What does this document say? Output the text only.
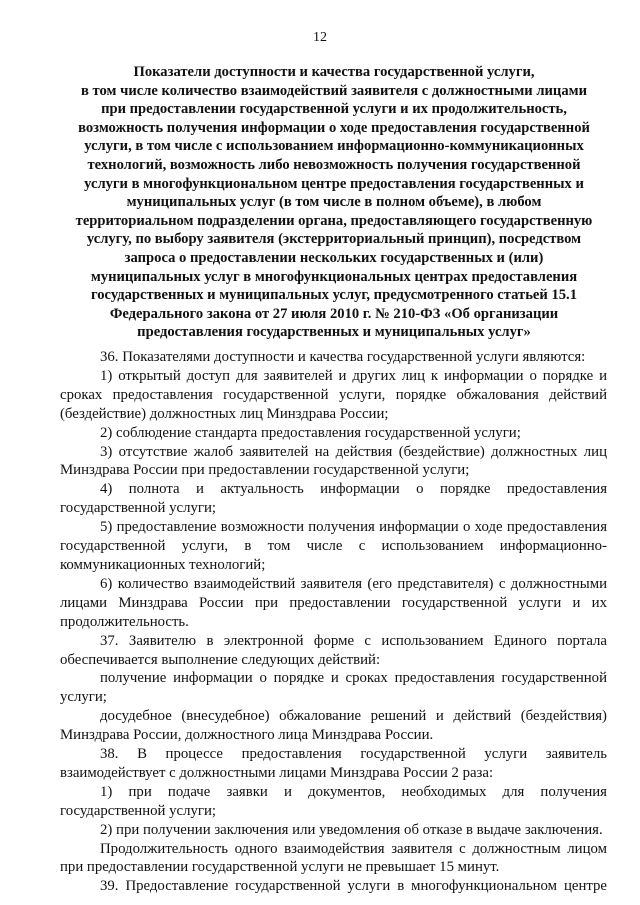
12
Показатели доступности и качества государственной услуги,
в том числе количество взаимодействий заявителя с должностными лицами
при предоставлении государственной услуги и их продолжительность,
возможность получения информации о ходе предоставления государственной
услуги, в том числе с использованием информационно-коммуникационных
технологий, возможность либо невозможность получения государственной
услуги в многофункциональном центре предоставления государственных и
муниципальных услуг (в том числе в полном объеме), в любом
территориальном подразделении органа, предоставляющего государственную
услугу, по выбору заявителя (экстерриториальный принцип), посредством
запроса о предоставлении нескольких государственных и (или)
муниципальных услуг в многофункциональных центрах предоставления
государственных и муниципальных услуг, предусмотренного статьей 15.1
Федерального закона от 27 июля 2010 г. № 210-ФЗ «Об организации
предоставления государственных и муниципальных услуг»

36. Показателями доступности и качества государственной услуги являются:

1) открытый доступ для заявителей и других лиц к информации о порядке и сроках предоставления государственной услуги, порядке обжалования действий (бездействие) должностных лиц Минздрава России;

2) соблюдение стандарта предоставления государственной услуги;

3) отсутствие жалоб заявителей на действия (бездействие) должностных лиц Минздрава России при предоставлении государственной услуги;

4) полнота и актуальность информации о порядке предоставления государственной услуги;

5) предоставление возможности получения информации о ходе предоставления государственной услуги, в том числе с использованием информационно-коммуникационных технологий;

6) количество взаимодействий заявителя (его представителя) с должностными лицами Минздрава России при предоставлении государственной услуги и их продолжительность.

37. Заявителю в электронной форме с использованием Единого портала обеспечивается выполнение следующих действий:

получение информации о порядке и сроках предоставления государственной услуги;

досудебное (внесудебное) обжалование решений и действий (бездействия) Минздрава России, должностного лица Минздрава России.

38. В процессе предоставления государственной услуги заявитель взаимодействует с должностными лицами Минздрава России 2 раза:

1) при подаче заявки и документов, необходимых для получения государственной услуги;

2) при получении заключения или уведомления об отказе в выдаче заключения.

Продолжительность одного взаимодействия заявителя с должностным лицом при предоставлении государственной услуги не превышает 15 минут.

39. Предоставление государственной услуги в многофункциональном центре
